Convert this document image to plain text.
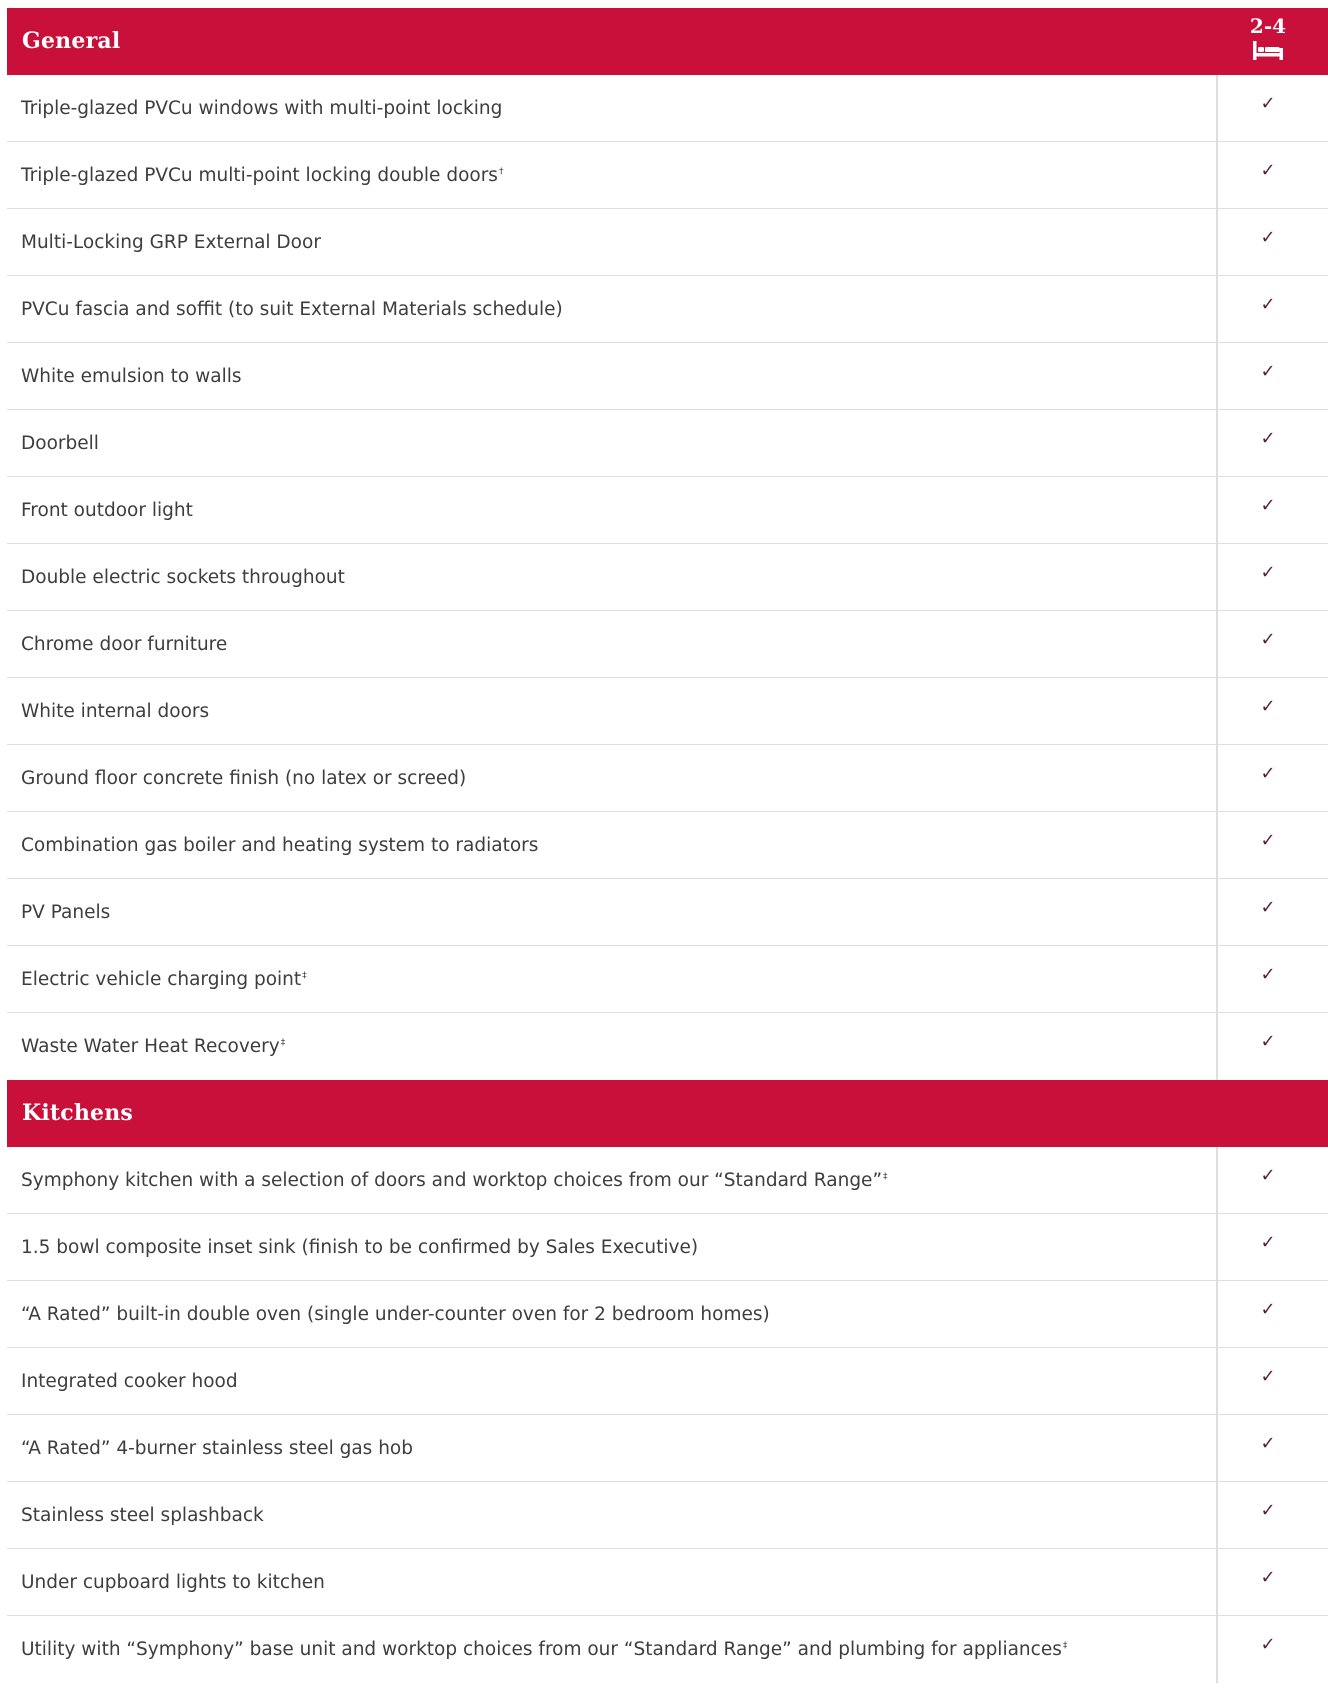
General
2-4
Triple-glazed PVCu windows with multi-point locking	✓
Triple-glazed PVCu multi-point locking double doors†	✓
Multi-Locking GRP External Door	✓
PVCu fascia and soffit (to suit External Materials schedule)	✓
White emulsion to walls	✓
Doorbell	✓
Front outdoor light	✓
Double electric sockets throughout	✓
Chrome door furniture	✓
White internal doors	✓
Ground floor concrete finish (no latex or screed)	✓
Combination gas boiler and heating system to radiators	✓
PV Panels	✓
Electric vehicle charging point‡	✓
Waste Water Heat Recovery‡	✓
Kitchens
Symphony kitchen with a selection of doors and worktop choices from our “Standard Range”‡	✓
1.5 bowl composite inset sink (finish to be confirmed by Sales Executive)	✓
“A Rated” built-in double oven (single under-counter oven for 2 bedroom homes)	✓
Integrated cooker hood	✓
“A Rated” 4-burner stainless steel gas hob	✓
Stainless steel splashback	✓
Under cupboard lights to kitchen	✓
Utility with “Symphony” base unit and worktop choices from our “Standard Range” and plumbing for appliances‡	✓
